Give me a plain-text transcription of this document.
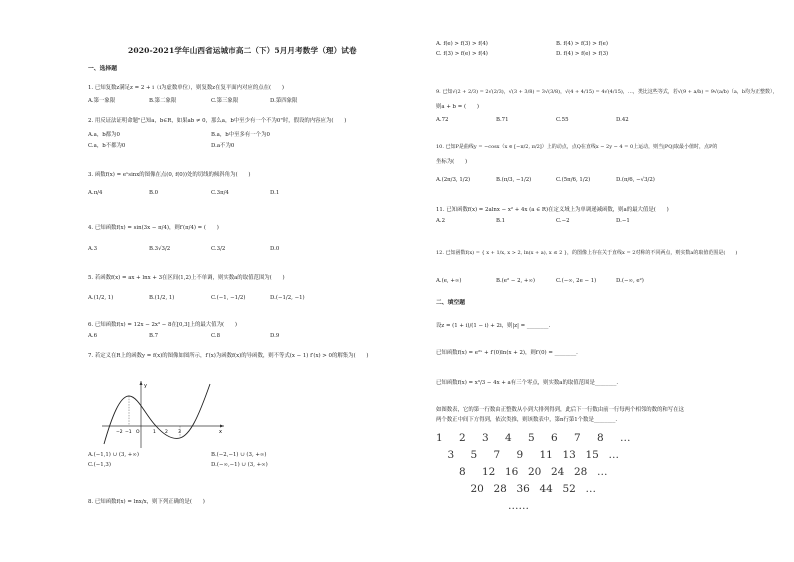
2020-2021学年山西省运城市高二（下）5月月考数学（理）试卷
一、选择题
1. 已知复数z满足z = 2 + i（i为虚数单位），则复数z在复平面内对应的点在(　　)
A.第一象限	B.第二象限	C.第三象限	D.第四象限
2. 用反证法证明命题"已知a，b∈R，如果ab ≠ 0，那么a，b中至少有一个不为0"时，假设的内容应为(　　)
A.a，b都为0	B.a，b中至多有一个为0
C.a，b不都为0	D.a不为0
3. 函数f(x) = eˣsinx的图像在点(0, f(0))处的切线的倾斜角为(　　)
A.π/4	B.0	C.3π/4	D.1
4. 已知函数f(x) = sin(3x − π/4)，则f′(π/4) = (　　)
A.3	B.3√3/2	C.3/2	D.0
5. 若函数f(x) = ax + lnx + 3在区间(1,2)上不单调，则实数a的取值范围为(　　)
A.(1/2, 1)	B.(1/2, 1)	C.(−1, −1/2)	D.(−1/2, −1)
6. 已知函数f(x) = 12x − 2x³ − 8在[0,3]上的最大值为(　　)
A.6	B.7	C.8	D.9
7. 若定义在R上的函数y = f(x)的图像如图所示，f′(x)为函数f(x)的导函数，则不等式(x − 1) f′(x) > 0的解集为(　　)
y
x
O
−2 −1	1 2 3
A.(−1,1) ∪ (3, +∞)	B.(−2,−1) ∪ (3, +∞)
C.(−1,3)	D.(−∞,−1) ∪ (3, +∞)
8. 已知函数f(x) = lnx/x，则下列正确的是(　　)
A. f(e) > f(3) > f(4)	B. f(4) > f(3) > f(e)
C. f(3) > f(e) > f(4)	D. f(4) > f(e) > f(3)
9. 已知√(2 + 2/3) = 2√(2/3)，√(3 + 3/8) = 3√(3/8)，√(4 + 4/15) = 4√(4/15)，…，类比这些等式，若√(9 + a/b) = 9√(a/b)（a，b均为正整数），
则a + b = (　　)
A.72	B.71	C.55	D.42
10. 已知P是曲线y = −cosx（x ∈ [−π/2, π/2]）上的动点，点Q在直线x − 2y − 4 = 0上运动，则当|PQ|取最小值时，点P的
坐标为(　　)
A.(2π/3, 1/2)	B.(π/3, −1/2)	C.(5π/6, 1/2)	D.(π/6, −√3/2)
11. 已知函数f(x) = 2alnx − x² + 4x (a ∈ R)在定义域上为单调递减函数，则a的最大值是(　　)
A.2	B.1	C.−2	D.−1
12. 已知函数f(x) = { x + 1/x, x > 2, ln(x + a), x ≤ 2 }，的图像上存在关于直线x = 2对称的不同两点，则实数a的取值范围是(　　)
A.(e, +∞)	B.(e² − 2, +∞)	C.(−∞, 2e − 1)	D.(−∞, e²)
二、填空题
设z = (1 + i)/(1 − i) + 2i，则|z| = ________.
已知函数f(x) = e²ˣ + f′(0)ln(x + 2)，则f′(0) = ________.
已知函数f(x) = x³/3 − 4x + a有三个零点，则实数a的取值范围是________.
如图数表，它的第一行数由正整数从小到大排列得到，此后下一行数由前一行每两个相邻的数的和写在这
两个数正中间下方得到，依次类推，则该数表中，第n行第1个数是________.
1 2 3 4 5 6 7 8 …
3 5 7 9 11 13 15 …
8 12 16 20 24 28 …
20 28 36 44 52 …
……
